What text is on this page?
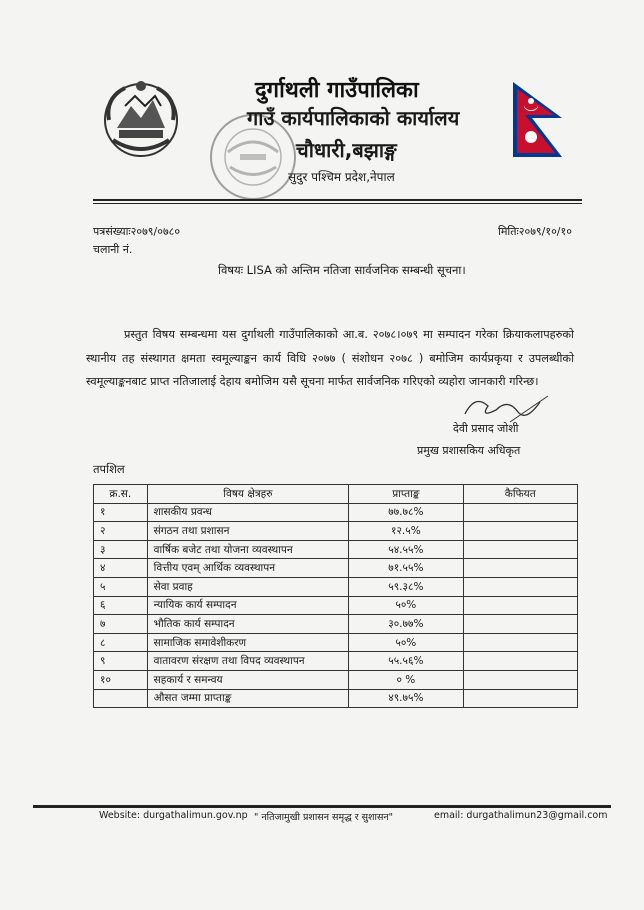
दुर्गाथली गाउँपालिका
गाउँ कार्यपालिकाको कार्यालय
चौधारी,बझाङ्ग
सुदुर पश्चिम प्रदेश,नेपाल
पत्रसंख्याः२०७९/०७८०
चलानी नं.
मितिः२०७९/१०/१०
विषयः LISA को अन्तिम नतिजा सार्वजनिक सम्बन्धी सूचना।
प्रस्तुत विषय सम्बन्धमा यस दुर्गाथली गाउँपालिकाको आ.ब. २०७८।०७९ मा सम्पादन गरेका क्रियाकलापहरुको स्थानीय तह संस्थागत क्षमता स्वमूल्याङ्कन कार्य विधि २०७७ ( संशोधन २०७८ ) बमोजिम कार्यप्रकृया र उपलब्धीको स्वमूल्याङ्कनबाट प्राप्त नतिजालाई देहाय बमोजिम यसै सूचना मार्फत सार्वजनिक गरिएको व्यहोरा जानकारी गरिन्छ।
देवी प्रसाद जोशी
प्रमुख प्रशासकिय अधिकृत
तपशिल
क्र.स.	विषय क्षेत्रहरु	प्राप्ताङ्क	कैफियत
१	शासकीय प्रवन्ध	७७.७८%	
२	संगठन तथा प्रशासन	१२.५%	
३	वार्षिक बजेट तथा योजना व्यवस्थापन	५४.५५%	
४	वित्तीय एवम् आर्थिक व्यवस्थापन	७१.५५%	
५	सेवा प्रवाह	५९.३८%	
६	न्यायिक कार्य सम्पादन	५०%	
७	भौतिक कार्य सम्पादन	३०.७७%	
८	सामाजिक समावेशीकरण	५०%	
९	वातावरण संरक्षण तथा विपद व्यवस्थापन	५५.५६%	
१०	सहकार्य र समन्वय	० %	
	औसत जम्मा प्राप्ताङ्क	४९.७५%	
Website: durgathalimun.gov.np " नतिजामुखी प्रशासन समृद्ध र सुशासन"	email: durgathalimun23@gmail.com
